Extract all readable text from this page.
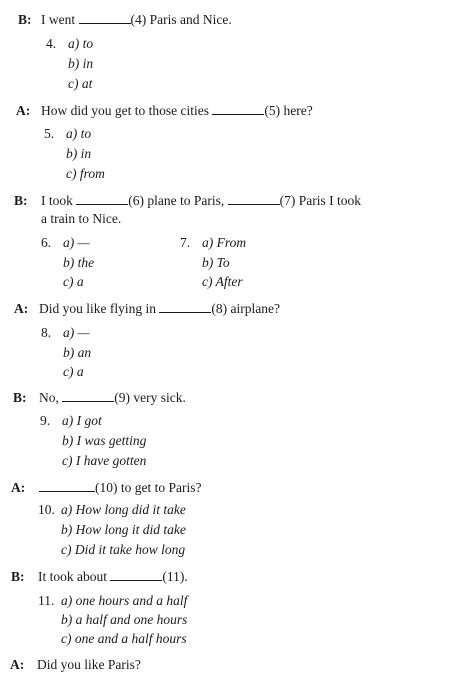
B: I went	(4) Paris and Nice.
4. a) to
b) in
c) at
A: How did you get to those cities	(5) here?
5. a) to
b) in
c) from
B: I took	(6) plane to Paris,	(7) Paris I took
a train to Nice.
6. a) —
b) the
c) a
7. a) From
b) To
c) After
A: Did you like flying in	(8) airplane?
8. a) —
b) an
c) a
B: No,	(9) very sick.
9. a) I got
b) I was getting
c) I have gotten
A:	(10) to get to Paris?
10. a) How long did it take
b) How long it did take
c) Did it take how long
B: It took about	(11).
11. a) one hours and a half
b) a half and one hours
c) one and a half hours
A: Did you like Paris?
